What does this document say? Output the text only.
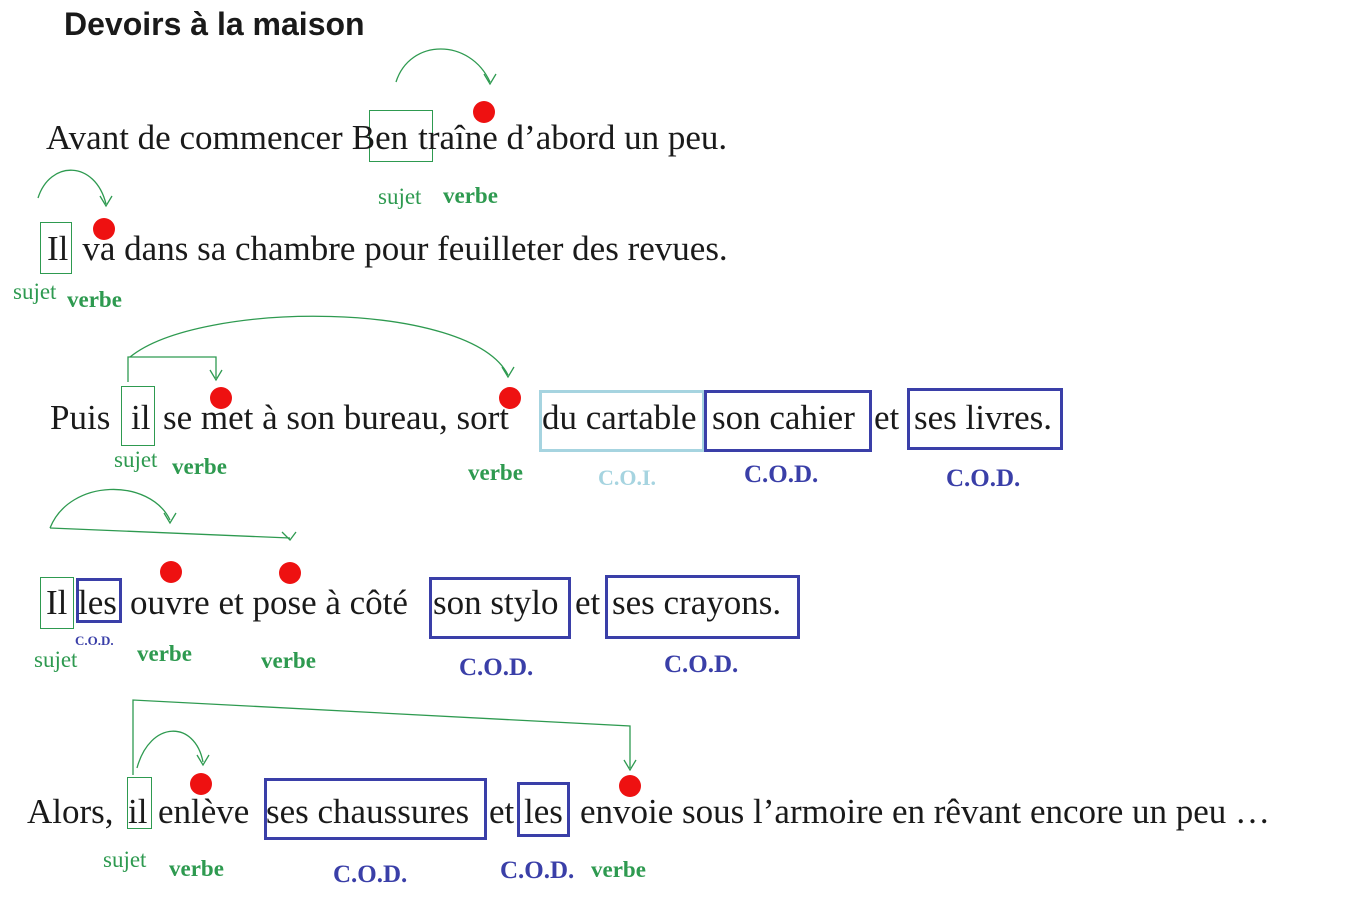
Devoirs à la maison
Avant de commencer Ben traîne d’abord un peu.
sujet verbe
Il va dans sa chambre pour feuilleter des revues.
sujet verbe
Puis il se met à son bureau, sort du cartable son cahier et ses livres.
sujet verbe	verbe	C.O.I.	C.O.D.	C.O.D.
Il les ouvre et pose à côté son stylo et ses crayons.
C.O.D.
sujet	verbe	verbe	C.O.D.	C.O.D.
Alors, il enlève ses chaussures et les envoie sous l’armoire en rêvant encore un peu …
sujet verbe	C.O.D.	C.O.D. verbe
